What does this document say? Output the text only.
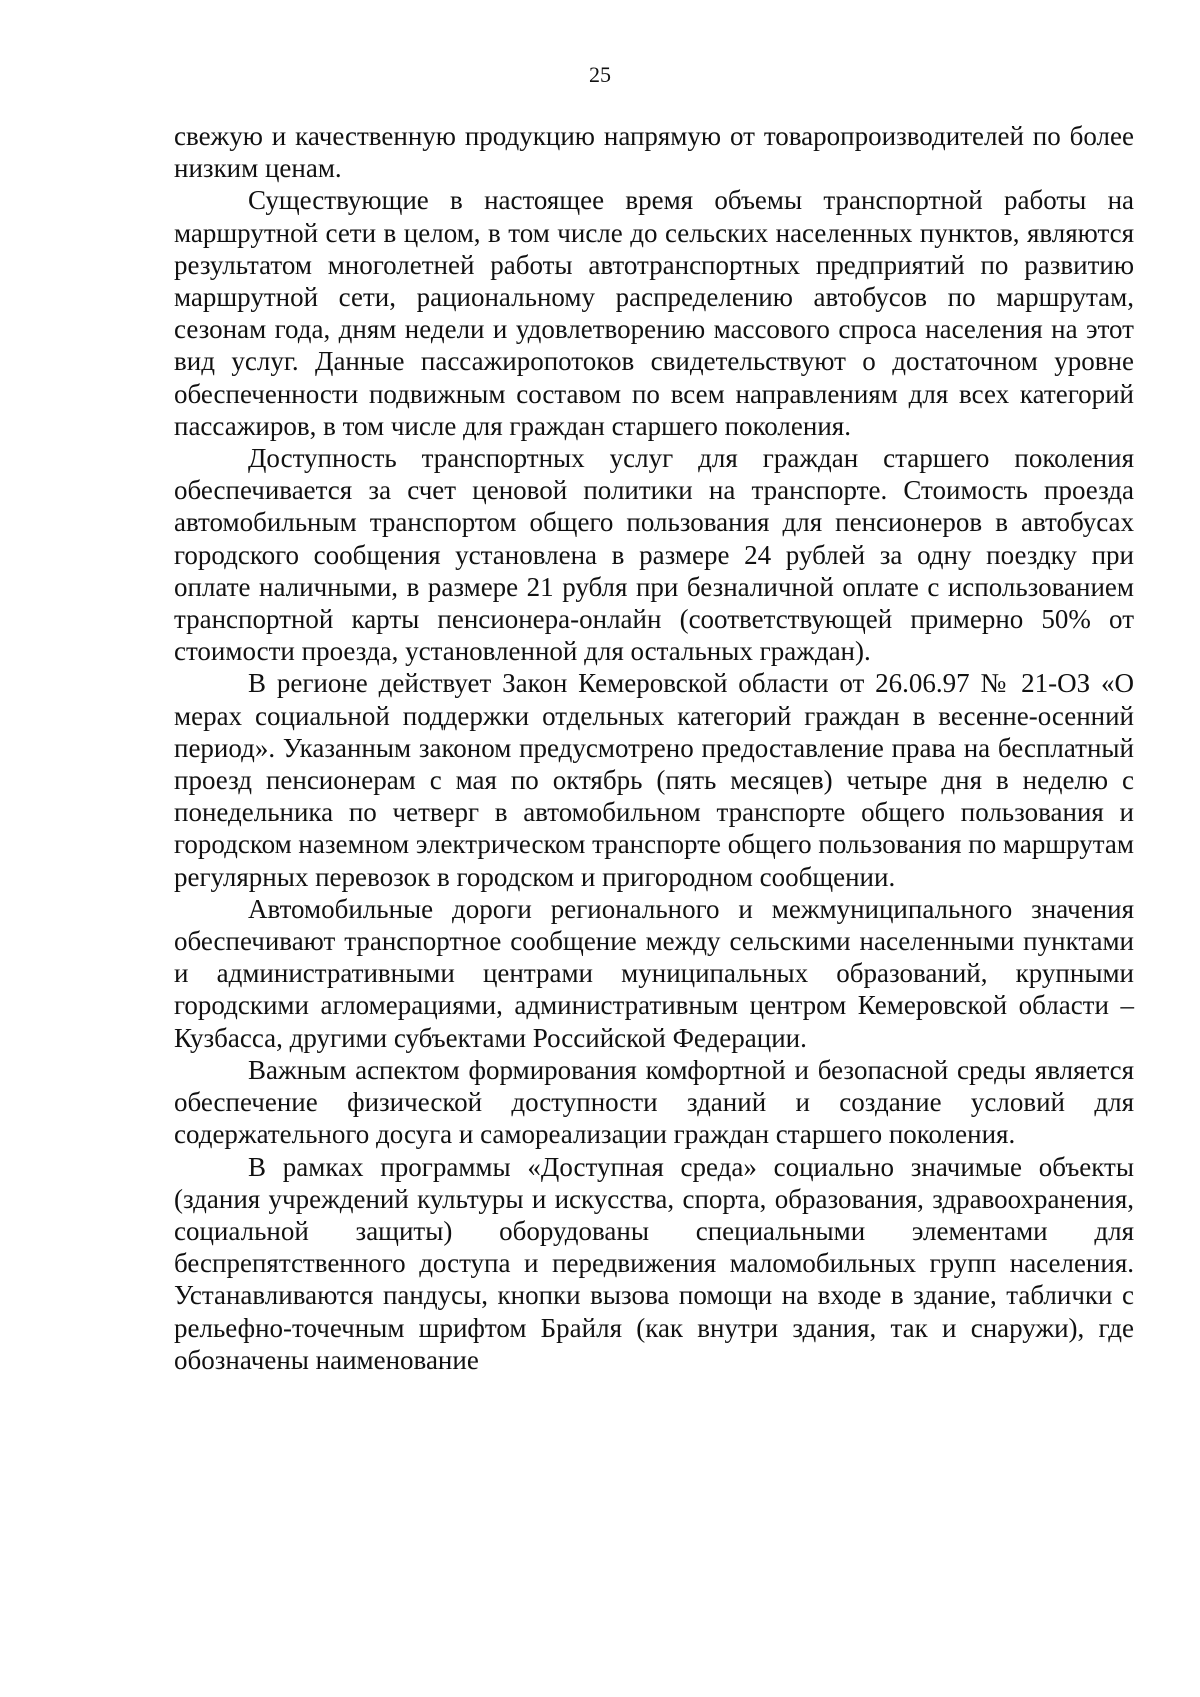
25

свежую и качественную продукцию напрямую от товаропроизводителей по более низким ценам.

Существующие в настоящее время объемы транспортной работы на маршрутной сети в целом, в том числе до сельских населенных пунктов, являются результатом многолетней работы автотранспортных предприятий по развитию маршрутной сети, рациональному распределению автобусов по маршрутам, сезонам года, дням недели и удовлетворению массового спроса населения на этот вид услуг. Данные пассажиропотоков свидетельствуют о достаточном уровне обеспеченности подвижным составом по всем направлениям для всех категорий пассажиров, в том числе для граждан старшего поколения.

Доступность транспортных услуг для граждан старшего поколения обеспечивается за счет ценовой политики на транспорте. Стоимость проезда автомобильным транспортом общего пользования для пенсионеров в автобусах городского сообщения установлена в размере 24 рублей за одну поездку при оплате наличными, в размере 21 рубля при безналичной оплате с использованием транспортной карты пенсионера-онлайн (соответствующей примерно 50% от стоимости проезда, установленной для остальных граждан).

В регионе действует Закон Кемеровской области от 26.06.97 № 21-ОЗ «О мерах социальной поддержки отдельных категорий граждан в весенне-осенний период». Указанным законом предусмотрено предоставление права на бесплатный проезд пенсионерам с мая по октябрь (пять месяцев) четыре дня в неделю с понедельника по четверг в автомобильном транспорте общего пользования и городском наземном электрическом транспорте общего пользования по маршрутам регулярных перевозок в городском и пригородном сообщении.

Автомобильные дороги регионального и межмуниципального значения обеспечивают транспортное сообщение между сельскими населенными пунктами и административными центрами муниципальных образований, крупными городскими агломерациями, административным центром Кемеровской области – Кузбасса, другими субъектами Российской Федерации.

Важным аспектом формирования комфортной и безопасной среды является обеспечение физической доступности зданий и создание условий для содержательного досуга и самореализации граждан старшего поколения.

В рамках программы «Доступная среда» социально значимые объекты (здания учреждений культуры и искусства, спорта, образования, здравоохранения, социальной защиты) оборудованы специальными элементами для беспрепятственного доступа и передвижения маломобильных групп населения. Устанавливаются пандусы, кнопки вызова помощи на входе в здание, таблички с рельефно-точечным шрифтом Брайля (как внутри здания, так и снаружи), где обозначены наименование
